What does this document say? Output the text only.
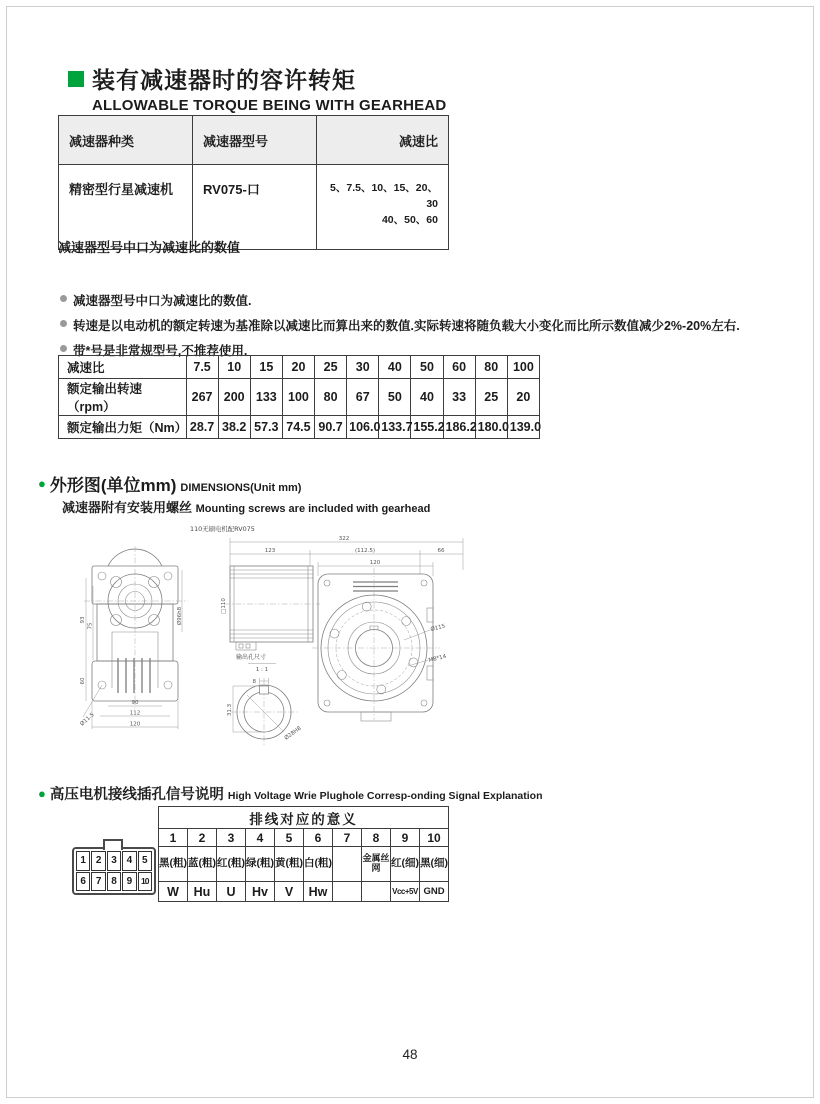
装有减速器时的容许转矩
ALLOWABLE TORQUE BEING WITH GEARHEAD
减速器种类	减速器型号	减速比
精密型行星减速机	RV075-口	5、7.5、10、15、20、30
40、50、60
减速器型号中口为减速比的数值
减速器型号中口为减速比的数值.
转速是以电动机的额定转速为基准除以减速比而算出来的数值.实际转速将随负载大小变化而比所示数值减少2%-20%左右.
带*号是非常规型号,不推荐使用.
减速比	7.5	10	15	20	25	30	40	50	60	80	100
额定输出转速（rpm）	267	200	133	100	80	67	50	40	33	25	20
额定输出力矩（Nm）	28.7	38.2	57.3	74.5	90.7	106.0	133.7	155.2	186.2	180.0	139.0
● 外形图(单位mm) DIMENSIONS(Unit mm)
减速器附有安装用螺丝 Mounting screws are included with gearhead
110无刷电机配RV075
93
75
60
Ø96h8
Ø11.5
90
112
120
□110
322
123	(112.5)	66
120
Ø115
M8*14
输出孔尺寸
1 : 1
8
31.3
Ø28H8
● 高压电机接线插孔信号说明 High Voltage Wrie Plughole Corresp-onding Signal Explanation
1 2 3 4 5
6 7 8 9	10
排线对应的意义									
1	2	3	4	5	6	7	8	9	10
黑(粗)	蓝(粗)	红(粗)	绿(粗)	黄(粗)	白(粗)		金属丝网	红(细)	黑(细)
W	Hu	U	Hv	V	Hw			Vcc+5V	GND
48
